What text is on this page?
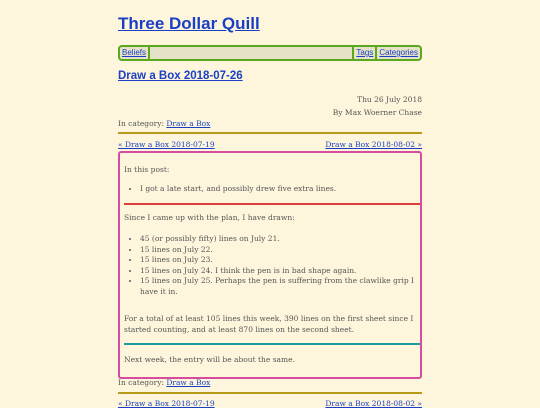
Three Dollar Quill
Beliefs	Tags Categories
Draw a Box 2018-07-26
Thu 26 July 2018
By Max Woerner Chase
In category: Draw a Box
« Draw a Box 2018-07-19	Draw a Box 2018-08-02 »

In this post:

• I got a late start, and possibly drew five extra lines.

Since I came up with the plan, I have drawn:

• 45 (or possibly fifty) lines on July 21.
• 15 lines on July 22.
• 15 lines on July 23.
• 15 lines on July 24. I think the pen is in bad shape again.
• 15 lines on July 25. Perhaps the pen is suffering from the clawlike grip I have it in.

For a total of at least 105 lines this week, 390 lines on the first sheet since I started counting, and at least 870 lines on the second sheet.

Next week, the entry will be about the same.

In category: Draw a Box
« Draw a Box 2018-07-19	Draw a Box 2018-08-02 »
